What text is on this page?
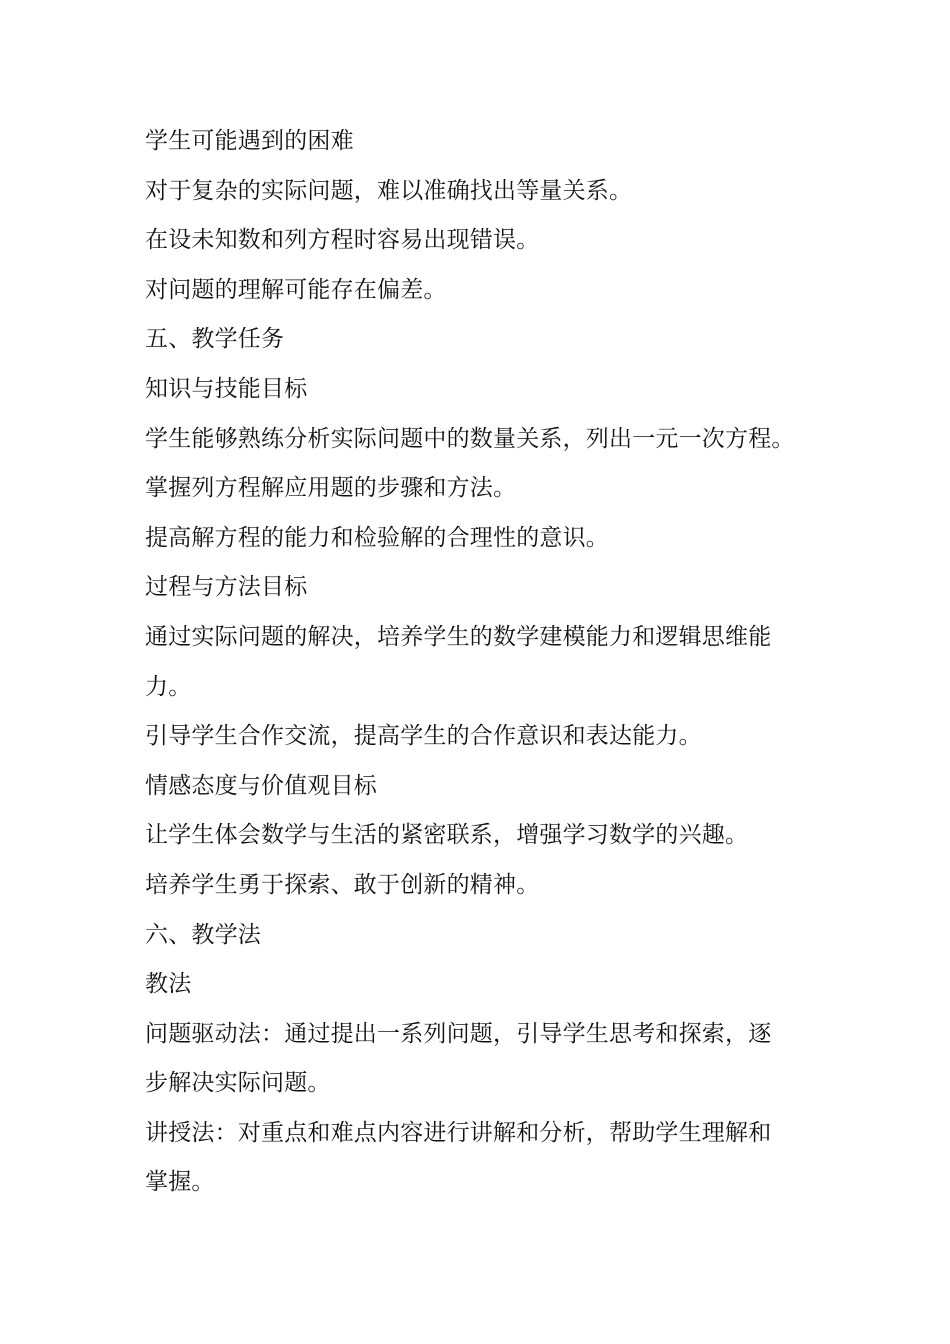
学生可能遇到的困难
对于复杂的实际问题，难以准确找出等量关系。
在设未知数和列方程时容易出现错误。
对问题的理解可能存在偏差。
五、教学任务
知识与技能目标
学生能够熟练分析实际问题中的数量关系，列出一元一次方程。
掌握列方程解应用题的步骤和方法。
提高解方程的能力和检验解的合理性的意识。
过程与方法目标
通过实际问题的解决，培养学生的数学建模能力和逻辑思维能
力。
引导学生合作交流，提高学生的合作意识和表达能力。
情感态度与价值观目标
让学生体会数学与生活的紧密联系，增强学习数学的兴趣。
培养学生勇于探索、敢于创新的精神。
六、教学法
教法
问题驱动法：通过提出一系列问题，引导学生思考和探索，逐
步解决实际问题。
讲授法：对重点和难点内容进行讲解和分析，帮助学生理解和
掌握。
